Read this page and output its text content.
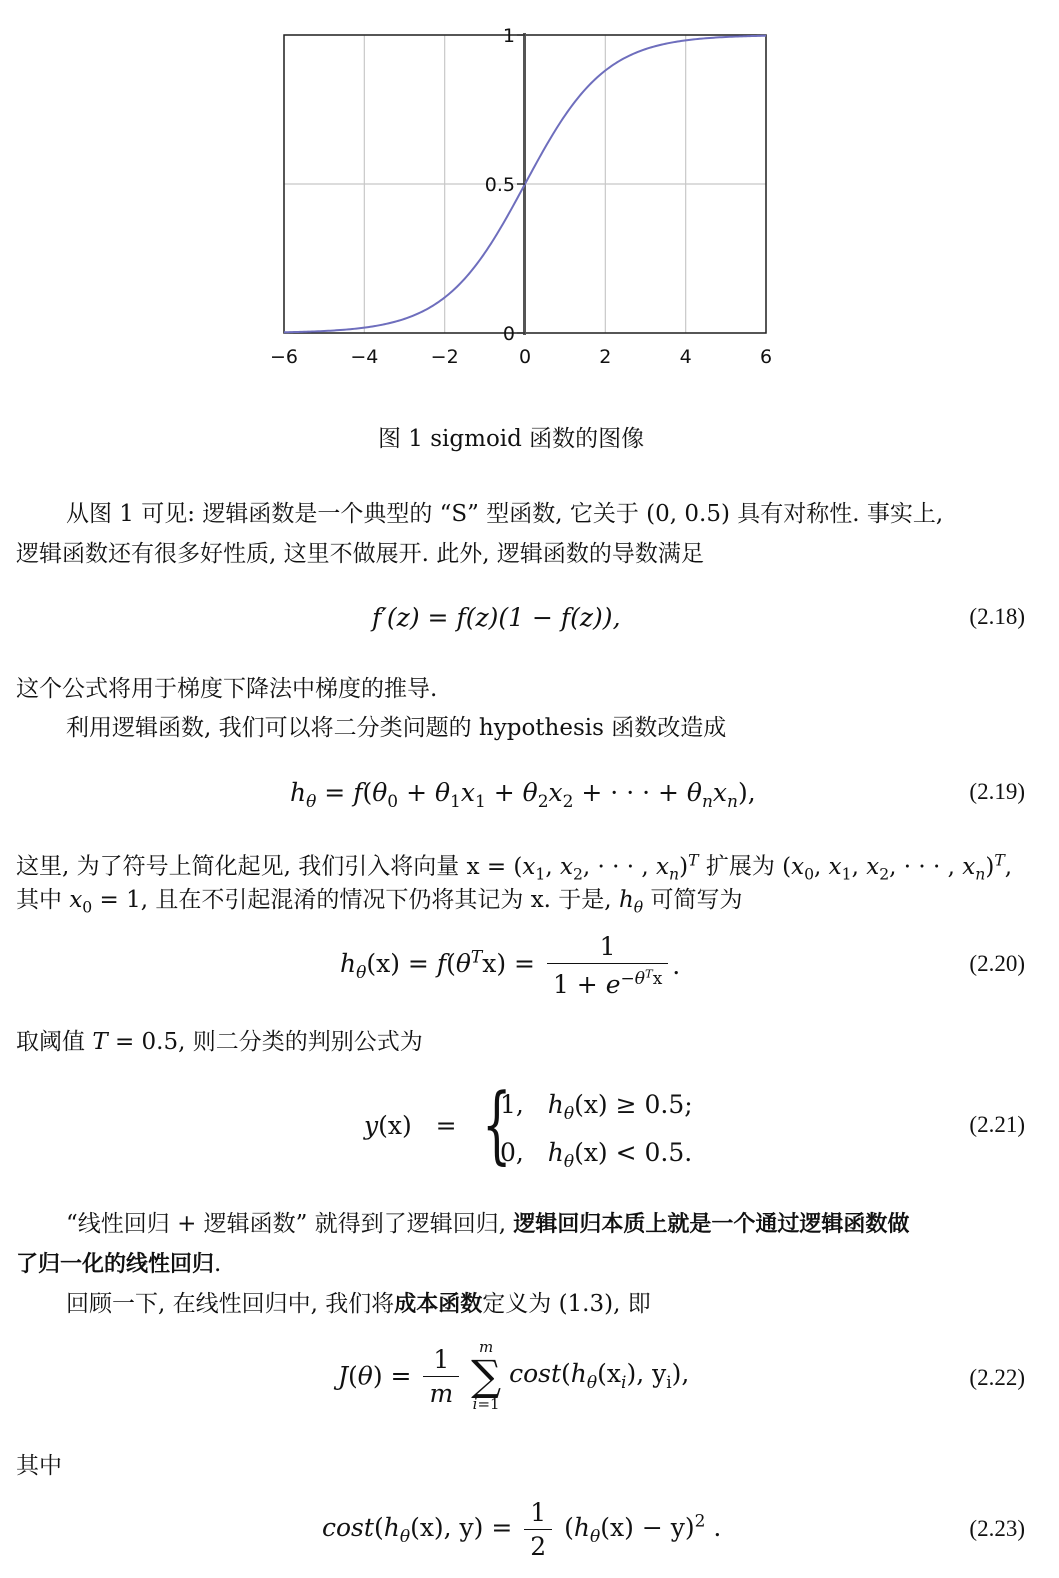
−6	−4	−2	0	2	4	6
0
0.5
1
图 1 sigmoid 函数的图像
从图 1 可见: 逻辑函数是一个典型的 “S” 型函数, 它关于 (0, 0.5) 具有对称性. 事实上,
逻辑函数还有很多好性质, 这里不做展开. 此外, 逻辑函数的导数满足
f′(z) = f(z)(1 − f(z)),	(2.18)
这个公式将用于梯度下降法中梯度的推导.
利用逻辑函数, 我们可以将二分类问题的 hypothesis 函数改造成
$h_\theta = f(\theta_0 + \theta_1x_1 + \theta_2x_2$ + · · · + $\theta_nx_n$),	(2.19)
这里, 为了符号上简化起见, 我们引入将向量 $x = (x_1$, $x_2$, · · · , $x_n)^T$ 扩展为 ($x_0$, $x_1$, $x_2$, · · · , $x_n)^T$,
其中 $x_0 = 1$, 且在不引起混淆的情况下仍将其记为 x. 于是, $h_\theta$ 可简写为
$h_\theta(x) = f(\theta^Tx) = \frac{1}{1 + e^{-\theta^Tx}}$ .	(2.20)
取阈值 T = 0.5, 则二分类的判别公式为
y(x)   = {
1,   $h_\theta(x) \ge 0.5$;
0,   $h_\theta(x) < 0.5$.
(2.21)
“线性回归 + 逻辑函数” 就得到了逻辑回归, 逻辑回归本质上就是一个通过逻辑函数做
了归一化的线性回归.
回顾一下, 在线性回归中, 我们将成本函数定义为 (1.3), 即
$J(\theta) = \frac{1}{m}$
	m
∑
i=1
$\cos t(h_\theta(x_i)$, $y_i$),	(2.22)
其中
$\cos t(h_\theta(x)$, $y) = \frac{1}{2} (h_\theta(x) - y)^2$ .	(2.23)
